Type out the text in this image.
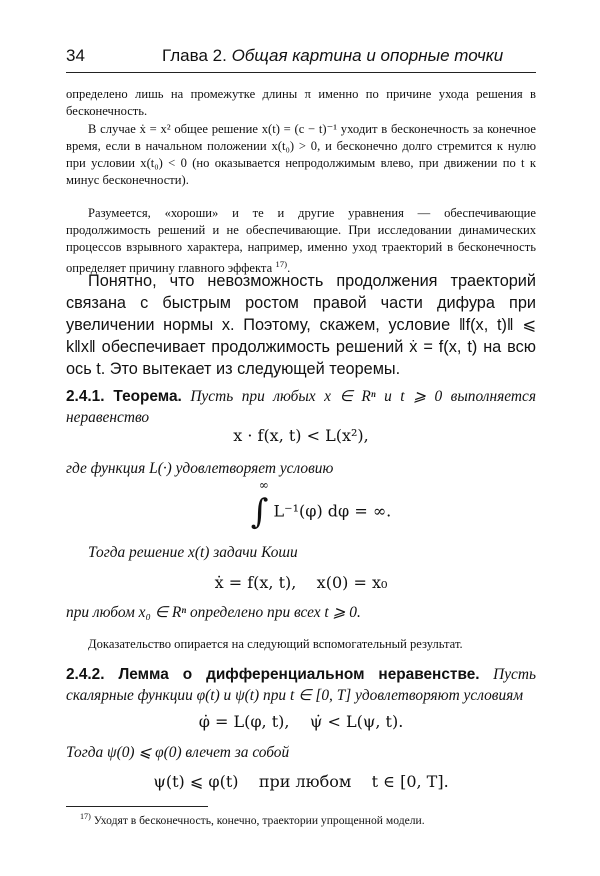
34	Глава 2. Общая картина и опорные точки
определено лишь на промежутке длины π именно по причине ухода решения в бесконечность.
В случае ẋ = x² общее решение x(t) = (c − t)⁻¹ уходит в бесконечность за конечное время, если в начальном положении x(t₀) > 0, и бесконечно долго стремится к нулю при условии x(t₀) < 0 (но оказывается непродолжимым влево, при движении по t к минус бесконечности).
Разумеется, «хороши» и те и другие уравнения — обеспечивающие продолжимость решений и не обеспечивающие. При исследовании динамических процессов взрывного характера, например, именно уход траекторий в бесконечность определяет причину главного эффекта $^{17)}$.
Понятно, что невозможность продолжения траекторий связана с быстрым ростом правой части дифура при увеличении нормы x. Поэтому, скажем, условие ‖f(x, t)‖ ⩽ k‖x‖ обеспечивает продолжимость решений ẋ = f(x, t) на всю ось t. Это вытекает из следующей теоремы.
2.4.1. Теорема. Пусть при любых x ∈ Rⁿ и t ⩾ 0 выполняется неравенство
x · f(x, t) < L(x²),
где функция L(·) удовлетворяет условию
∫
∞
L⁻¹(φ) dφ = ∞.
Тогда решение x(t) задачи Коши
ẋ = f(x, t),    x(0) = x₀
при любом x₀ ∈ Rⁿ определено при всех t ⩾ 0.
Доказательство опирается на следующий вспомогательный результат.
2.4.2. Лемма о дифференциальном неравенстве. Пусть скалярные функции φ(t) и ψ(t) при t ∈ [0, T] удовлетворяют условиям
φ̇ = L(φ, t),    ψ̇ < L(ψ, t).
Тогда ψ(0) ⩽ φ(0) влечет за собой
ψ(t) ⩽ φ(t)    при любом    t ∈ [0, T].
$^{17)}$ Уходят в бесконечность, конечно, траектории упрощенной модели.
